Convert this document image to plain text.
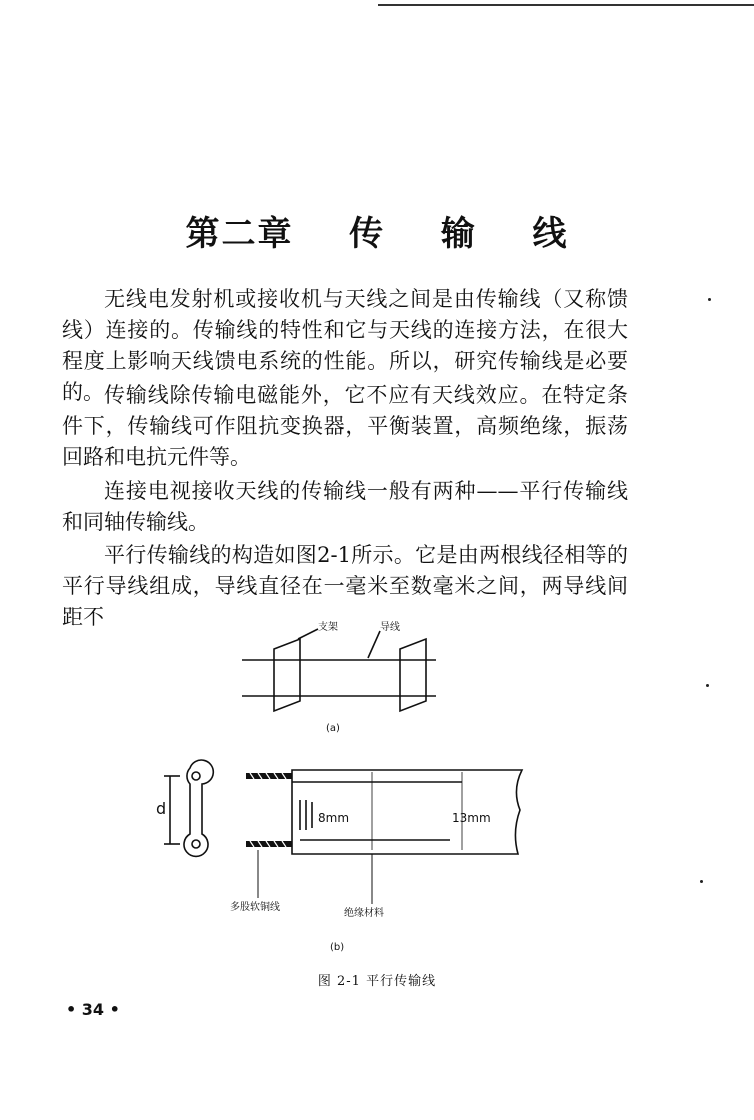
第二章  传  输  线

无线电发射机或接收机与天线之间是由传输线（又称馈线）连接的。传输线的特性和它与天线的连接方法，在很大程度上影响天线馈电系统的性能。所以，研究传输线是必要的。 传输线除传输电磁能外，它不应有天线效应。在特定条件下，传输线可作阻抗变换器，平衡装置，高频绝缘，振荡回路和电抗元件等。

连接电视接收天线的传输线一般有两种——平行传输线和同轴传输线。

平行传输线的构造如图2-1所示。它是由两根线径相等的平行导线组成，导线直径在一毫米至数毫米之间，两导线间距不	支架	导线
(a)
d	8mm	13mm
多股软铜线
绝缘材料
(b)
图 2-1 平行传输线
• 34 •
